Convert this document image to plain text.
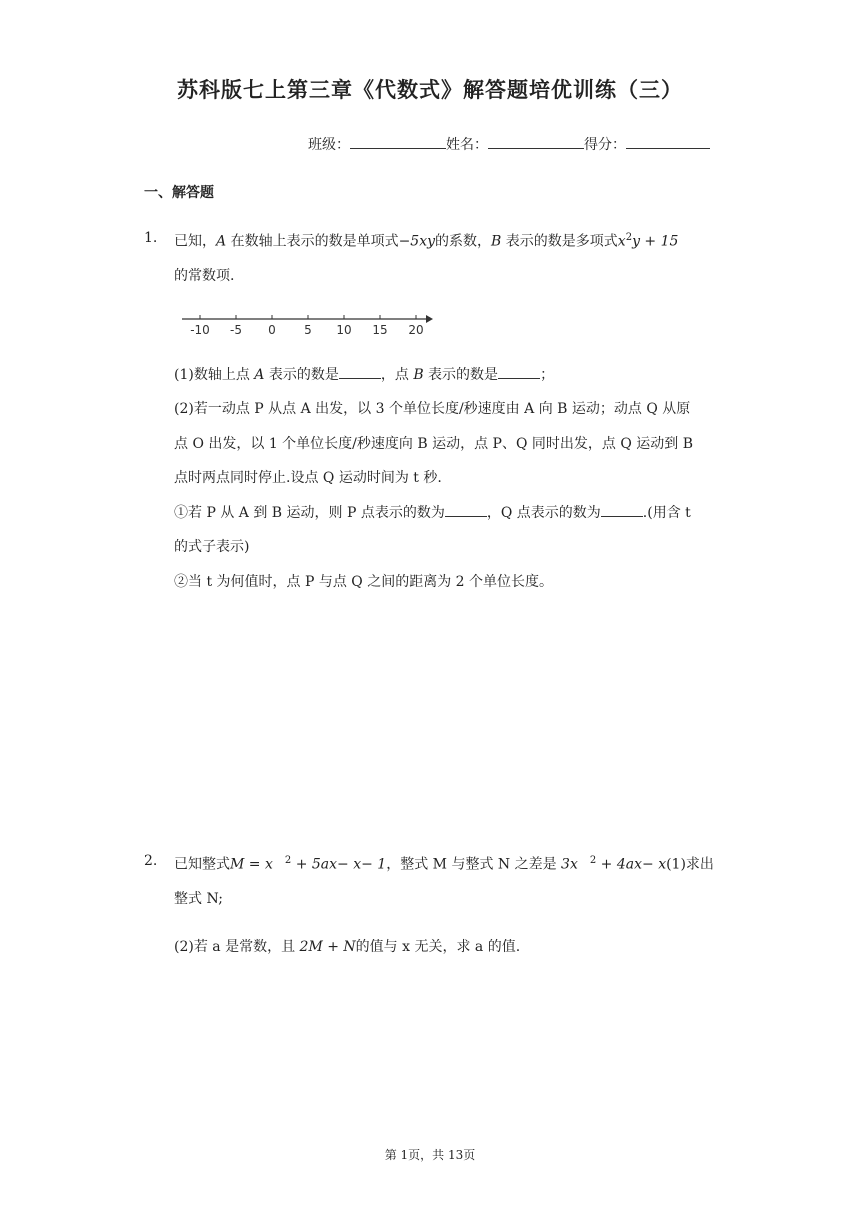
苏科版七上第三章《代数式》解答题培优训练（三）
班级：	姓名：	得分：
一、解答题
1. 已知，A 在数轴上表示的数是单项式−5xy的系数，B 表示的数是多项式$x^2y + 15$
的常数项.
-10 -5 0 5 10 15 20
(1)数轴上点 A 表示的数是	，点 B 表示的数是	；
(2)若一动点 P 从点 A 出发，以 3 个单位长度/秒速度由 A 向 B 运动；动点 Q 从原
点 O 出发，以 1 个单位长度/秒速度向 B 运动，点 P、Q 同时出发，点 Q 运动到 B
点时两点同时停止.设点 Q 运动时间为 t 秒.
①若 P 从 A 到 B 运动，则 P 点表示的数为	，Q 点表示的数为	.(用含 t
的式子表示)
②当 t 为何值时，点 P 与点 Q 之间的距离为 2 个单位长度。
2. 已知整式M = x $^2$ + 5ax− x− 1，整式 M 与整式 N 之差是 3x $^2$ + 4ax− x(1)求出
整式 N;
(2)若 a 是常数，且 2M + N的值与 x 无关，求 a 的值.
第 1页，共 13页
